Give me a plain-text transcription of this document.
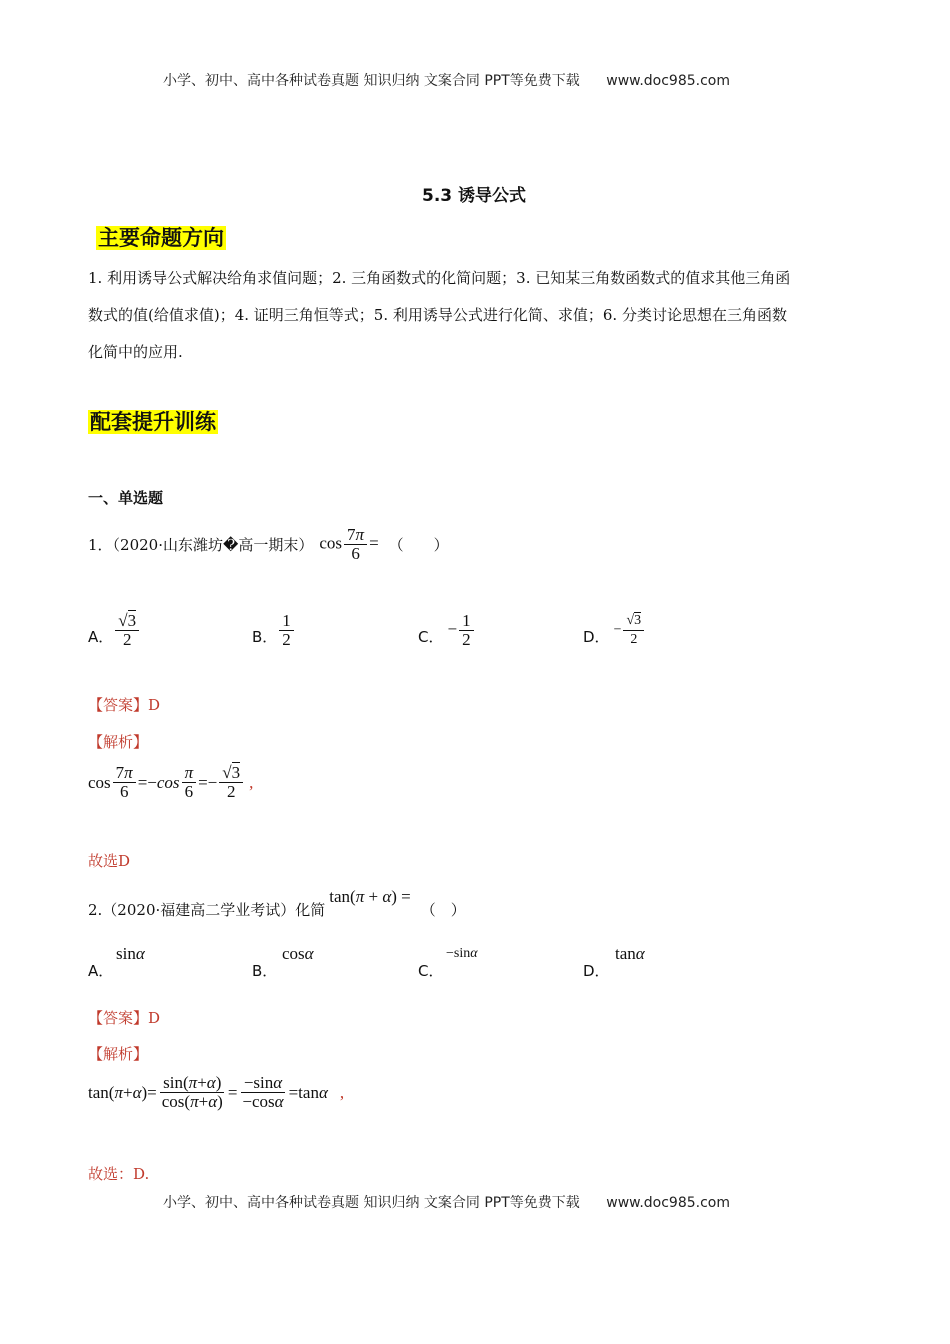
小学、初中、高中各种试卷真题 知识归纳 文案合同 PPT等免费下载 www.doc985.com
5.3 诱导公式
主要命题方向
1. 利用诱导公式解决给角求值问题；2. 三角函数式的化简问题；3. 已知某三角数函数式的值求其他三角函
数式的值(给值求值)；4. 证明三角恒等式；5. 利用诱导公式进行化简、求值；6. 分类讨论思想在三角函数
化简中的应用.
配套提升训练
一、单选题
1．（2020·山东潍坊�高一期末） $\cos \frac{7\pi}{6}$ = （　　）
A． $\frac{√3}{2}$	B． $\frac{1}{2}$	C． − $\frac{1}{2}$	D． − $\frac{√3}{2}$
【答案】D
【解析】
$\cos \frac{7\pi}{6} =- \cos \frac{\pi}{6} =- \frac{√3}{2}$ ,
故选D
2.（2020·福建高二学业考试）化简
tan(π + α) =
（　）
A．
sinα
B．
cosα
C．
−sinα
D．
tanα
【答案】D
【解析】
tan( π + α )= $\frac{\sin(\pi+\alpha)}{\cos(\pi+\alpha)} = \frac{-\sin\alpha}{-\cos\alpha} =\tan$ α ,
故选：D.
小学、初中、高中各种试卷真题 知识归纳 文案合同 PPT等免费下载 www.doc985.com
